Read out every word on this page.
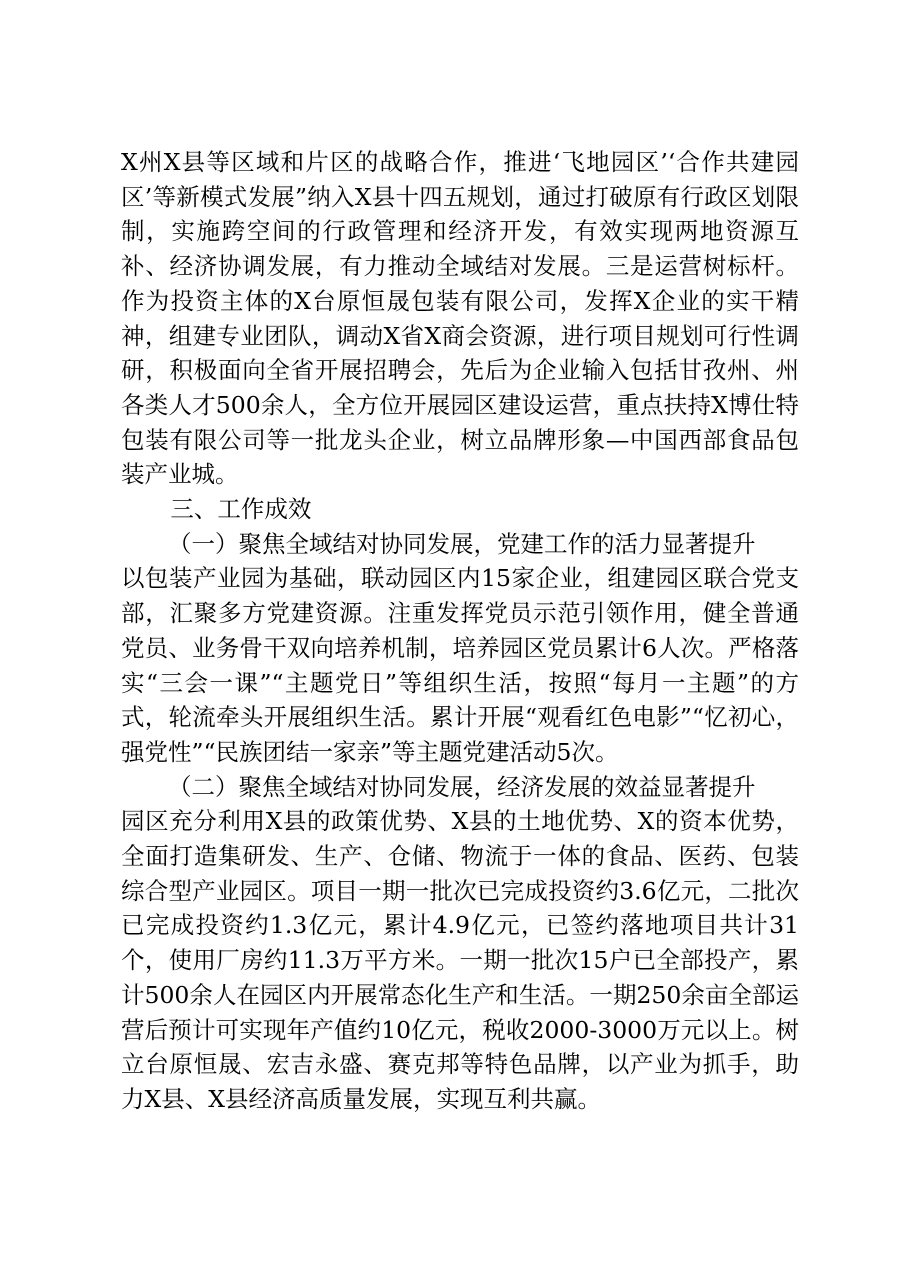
X州X县等区域和片区的战略合作，推进‘飞地园区’‘合作共建园区’等新模式发展”纳入X县十四五规划，通过打破原有行政区划限制，实施跨空间的行政管理和经济开发，有效实现两地资源互补、经济协调发展，有力推动全域结对发展。三是运营树标杆。作为投资主体的X台原恒晟包装有限公司，发挥X企业的实干精神，组建专业团队，调动X省X商会资源，进行项目规划可行性调研，积极面向全省开展招聘会，先后为企业输入包括甘孜州、州各类人才500余人，全方位开展园区建设运营，重点扶持X博仕特包装有限公司等一批龙头企业，树立品牌形象—中国西部食品包装产业城。

三、工作成效

（一）聚焦全域结对协同发展，党建工作的活力显著提升

以包装产业园为基础，联动园区内15家企业，组建园区联合党支部，汇聚多方党建资源。注重发挥党员示范引领作用，健全普通党员、业务骨干双向培养机制，培养园区党员累计6人次。严格落实“三会一课”“主题党日”等组织生活，按照“每月一主题”的方式，轮流牵头开展组织生活。累计开展“观看红色电影”“忆初心，强党性”“民族团结一家亲”等主题党建活动5次。

（二）聚焦全域结对协同发展，经济发展的效益显著提升

园区充分利用X县的政策优势、X县的土地优势、X的资本优势，全面打造集研发、生产、仓储、物流于一体的食品、医药、包装综合型产业园区。项目一期一批次已完成投资约3.6亿元，二批次已完成投资约1.3亿元，累计4.9亿元，已签约落地项目共计31个，使用厂房约11.3万平方米。一期一批次15户已全部投产，累计500余人在园区内开展常态化生产和生活。一期250余亩全部运营后预计可实现年产值约10亿元，税收2000-3000万元以上。树立台原恒晟、宏吉永盛、赛克邦等特色品牌，以产业为抓手，助力X县、X县经济高质量发展，实现互利共赢。
